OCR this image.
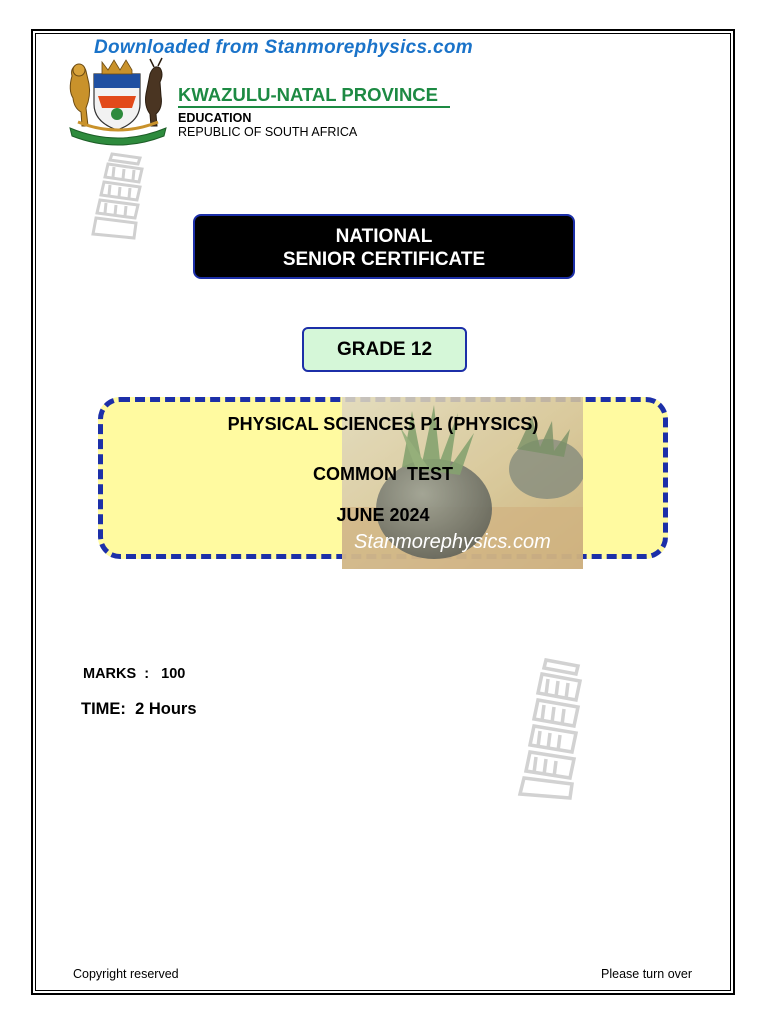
Downloaded from Stanmorephysics.com
KWAZULU-NATAL PROVINCE
EDUCATION
REPUBLIC OF SOUTH AFRICA
NATIONAL
SENIOR CERTIFICATE
GRADE 12
PHYSICAL SCIENCES P1 (PHYSICS)
COMMON  TEST
JUNE 2024
Stanmorephysics.com
MARKS  :   100
TIME:  2 Hours
Copyright reserved	Please turn over
